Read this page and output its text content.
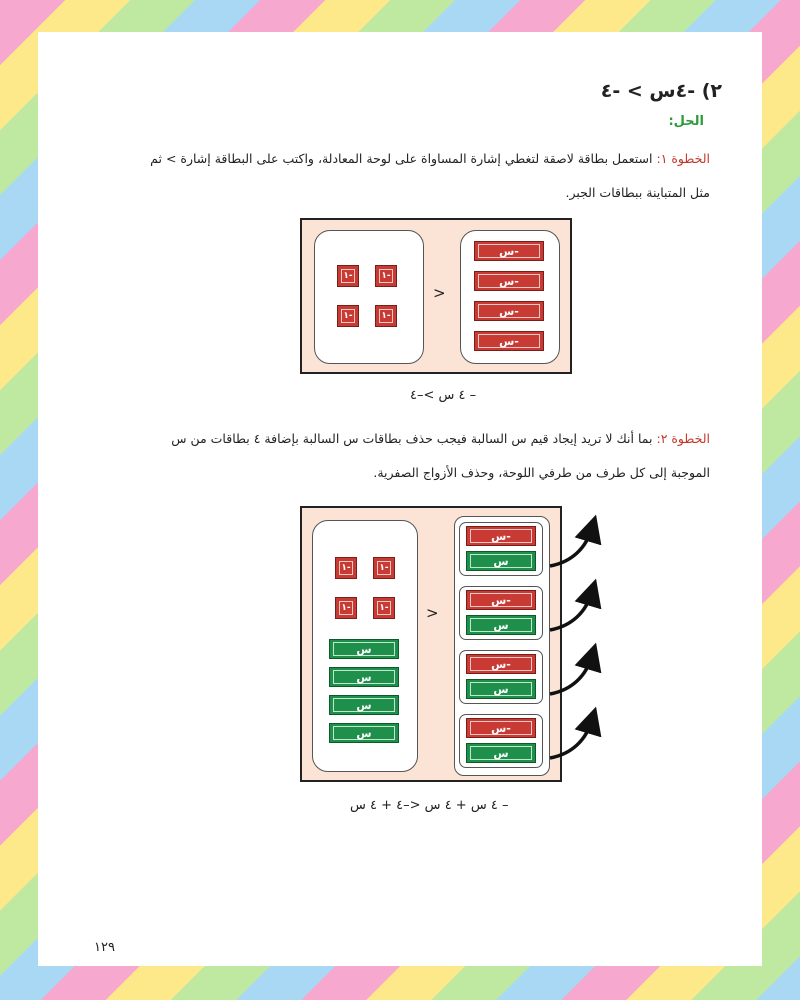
٢) -٤س > -٤
الحل:
الخطوة ١: استعمل بطاقة لاصقة لتغطي إشارة المساواة على لوحة المعادلة، واكتب على البطاقة إشارة > ثم
مثل المتباينة ببطاقات الجبر.
-١	-١
-١	-١
>
-س
-س
-س
-س
– ٤ س >–٤
الخطوة ٢: بما أنك لا تريد إيجاد قيم س السالبة فيجب حذف بطاقات س السالبة بإضافة ٤ بطاقات من س
الموجبة إلى كل طرف من طرفي اللوحة، وحذف الأزواج الصفرية.
-١	-١
-١	-١
س
س
س
س
>
-س
س
-س
س
-س
س
-س
س
– ٤ س + ٤ س <–٤ + ٤ س
١٢٩
